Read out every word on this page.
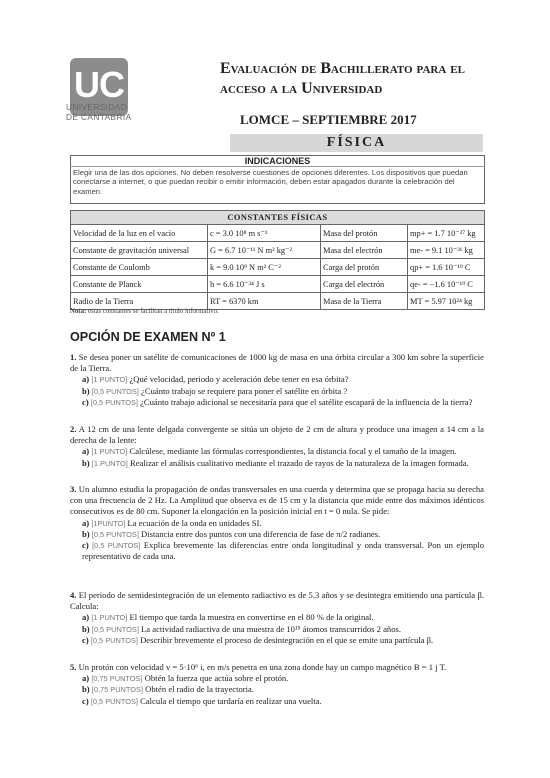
UC
UNIVERSIDAD
DE CANTABRIA
Evaluación de Bachillerato para el
acceso a la Universidad
LOMCE – SEPTIEMBRE 2017
FÍSICA
INDICACIONES
Elegir una de las dos opciones. No deben resolverse cuestiones de opciones diferentes. Los dispositivos que puedan conectarse a internet, o que puedan recibir o emitir información, deben estar apagados durante la celebración del examen.
CONSTANTES FÍSICAS
Velocidad de la luz en el vacío	c = 3.0 10⁸ m s⁻¹	Masa del protón	mp+ = 1.7 10⁻²⁷ kg
Constante de gravitación universal	G = 6.7 10⁻¹¹ N m² kg⁻²	Masa del electrón	me- = 9.1 10⁻³¹ kg
Constante de Coulomb	k = 9.0 10⁹ N m² C⁻²	Carga del protón	qp+ = 1.6 10⁻¹⁹ C
Constante de Planck	h = 6.6 10⁻³⁴ J s	Carga del electrón	qe- = −1.6 10⁻¹⁹ C
Radio de la Tierra	RT = 6370 km	Masa de la Tierra	MT = 5.97 10²⁴ kg
Nota: estas constantes se facilitan a título informativo.
OPCIÓN DE EXAMEN Nº 1
1. Se desea poner un satélite de comunicaciones de 1000 kg de masa en una órbita circular a 300 km sobre la superficie de la Tierra.
a) [1 PUNTO] ¿Qué velocidad, periodo y aceleración debe tener en esa órbita?
b) [0,5 PUNTOS] ¿Cuánto trabajo se requiere para poner el satélite en órbita ?
c) [0,5 PUNTOS] ¿Cuánto trabajo adicional se necesitaría para que el satélite escapará de la influencia de la tierra?
2. A 12 cm de una lente delgada convergente se sitúa un objeto de 2 cm de altura y produce una imagen a 14 cm a la derecha de la lente:
a) [1 PUNTO] Calcúlese, mediante las fórmulas correspondientes, la distancia focal y el tamaño de la imagen.
b) [1 PUNTO] Realizar el análisis cualitativo mediante el trazado de rayos de la naturaleza de la imagen formada.
3. Un alumno estudia la propagación de ondas transversales en una cuerda y determina que se propaga hacia su derecha con una frecuencia de 2 Hz. La Amplitud que observa es de 15 cm y la distancia que mide entre dos máximos idénticos consecutivos es de 80 cm. Suponer la elongación en la posición inicial en t = 0 nula. Se pide:
a) [1PUNTO] La ecuación de la onda en unidades SI.
b) [0,5 PUNTOS] Distancia entre dos puntos con una diferencia de fase de π/2 radianes.
c) [0,5 PUNTOS] Explica brevemente las diferencias entre onda longitudinal y onda transversal. Pon un ejemplo representativo de cada una.
4. El periodo de semidesintegración de un elemento radiactivo es de 5.3 años y se desintegra emitiendo una partícula β. Calcula:
a) [1 PUNTO] El tiempo que tarda la muestra en convertirse en el 80 % de la original.
b) [0,5 PUNTOS] La actividad radiactiva de una muestra de 10¹⁵ átomos transcurridos 2 años.
c) [0,5 PUNTOS] Describir brevemente el proceso de desintegración en el que se emite una partícula β.
5. Un protón con velocidad v = 5·10⁶ i, en m/s penetra en una zona donde hay un campo magnético B = 1 j T.
a) [0,75 PUNTOS] Obtén la fuerza que actúa sobre el protón.
b) [0,75 PUNTOS] Obtén el radio de la trayectoria.
c) [0,5 PUNTOS] Calcula el tiempo que tardaría en realizar una vuelta.
